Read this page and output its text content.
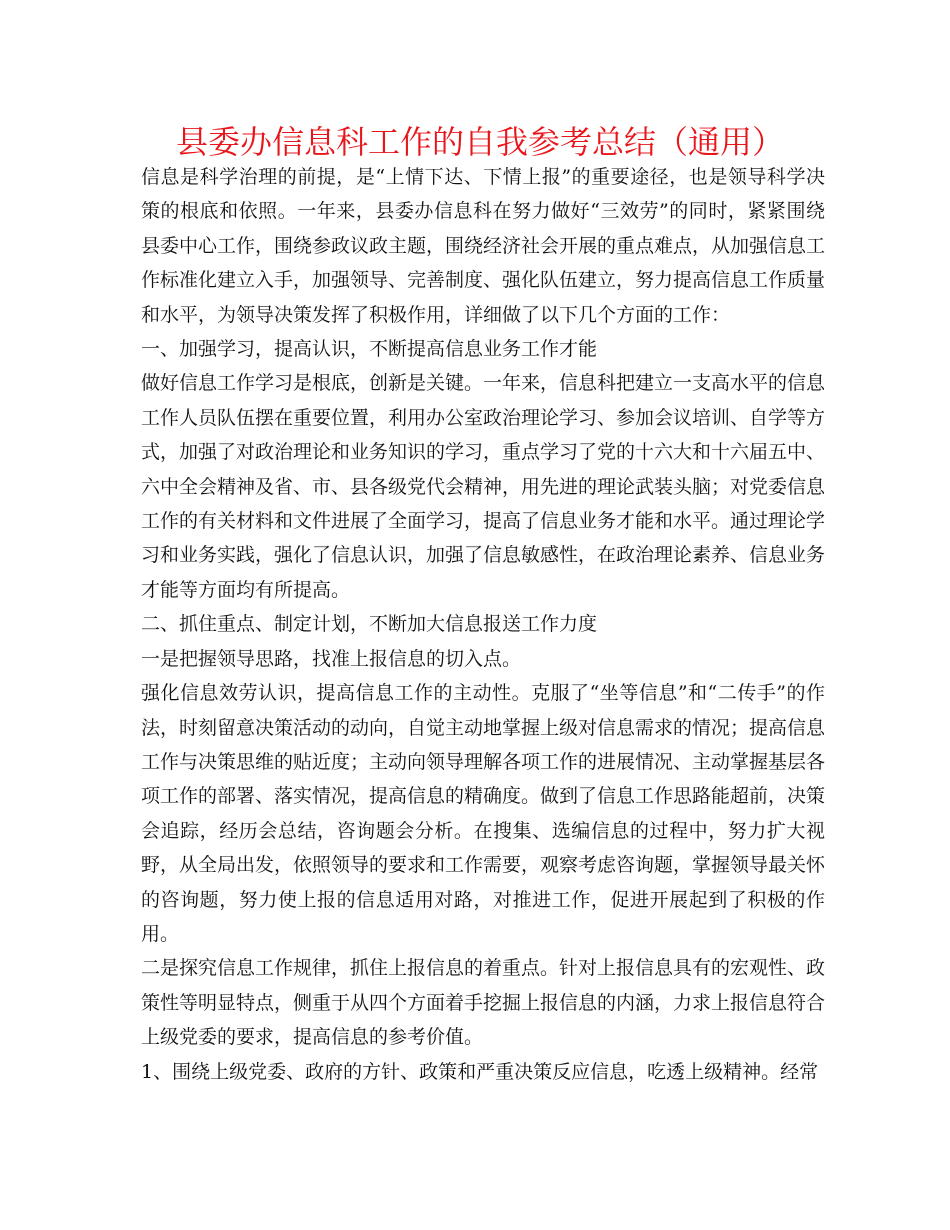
县委办信息科工作的自我参考总结（通用）

信息是科学治理的前提，是“上情下达、下情上报”的重要途径，也是领导科学决策的根底和依照。一年来，县委办信息科在努力做好“三效劳”的同时，紧紧围绕县委中心工作，围绕参政议政主题，围绕经济社会开展的重点难点，从加强信息工作标准化建立入手，加强领导、完善制度、强化队伍建立，努力提高信息工作质量和水平，为领导决策发挥了积极作用，详细做了以下几个方面的工作：

一、加强学习，提高认识，不断提高信息业务工作才能

做好信息工作学习是根底，创新是关键。一年来，信息科把建立一支高水平的信息工作人员队伍摆在重要位置，利用办公室政治理论学习、参加会议培训、自学等方式，加强了对政治理论和业务知识的学习，重点学习了党的十六大和十六届五中、六中全会精神及省、市、县各级党代会精神，用先进的理论武装头脑；对党委信息工作的有关材料和文件进展了全面学习，提高了信息业务才能和水平。通过理论学习和业务实践，强化了信息认识，加强了信息敏感性，在政治理论素养、信息业务才能等方面均有所提高。

二、抓住重点、制定计划，不断加大信息报送工作力度

一是把握领导思路，找准上报信息的切入点。

强化信息效劳认识，提高信息工作的主动性。克服了“坐等信息”和“二传手”的作法，时刻留意决策活动的动向，自觉主动地掌握上级对信息需求的情况；提高信息工作与决策思维的贴近度；主动向领导理解各项工作的进展情况、主动掌握基层各项工作的部署、落实情况，提高信息的精确度。做到了信息工作思路能超前，决策会追踪，经历会总结，咨询题会分析。在搜集、选编信息的过程中，努力扩大视野，从全局出发，依照领导的要求和工作需要，观察考虑咨询题，掌握领导最关怀的咨询题，努力使上报的信息适用对路，对推进工作，促进开展起到了积极的作用。

二是探究信息工作规律，抓住上报信息的着重点。针对上报信息具有的宏观性、政策性等明显特点，侧重于从四个方面着手挖掘上报信息的内涵，力求上报信息符合上级党委的要求，提高信息的参考价值。

1、围绕上级党委、政府的方针、政策和严重决策反应信息，吃透上级精神。经常
